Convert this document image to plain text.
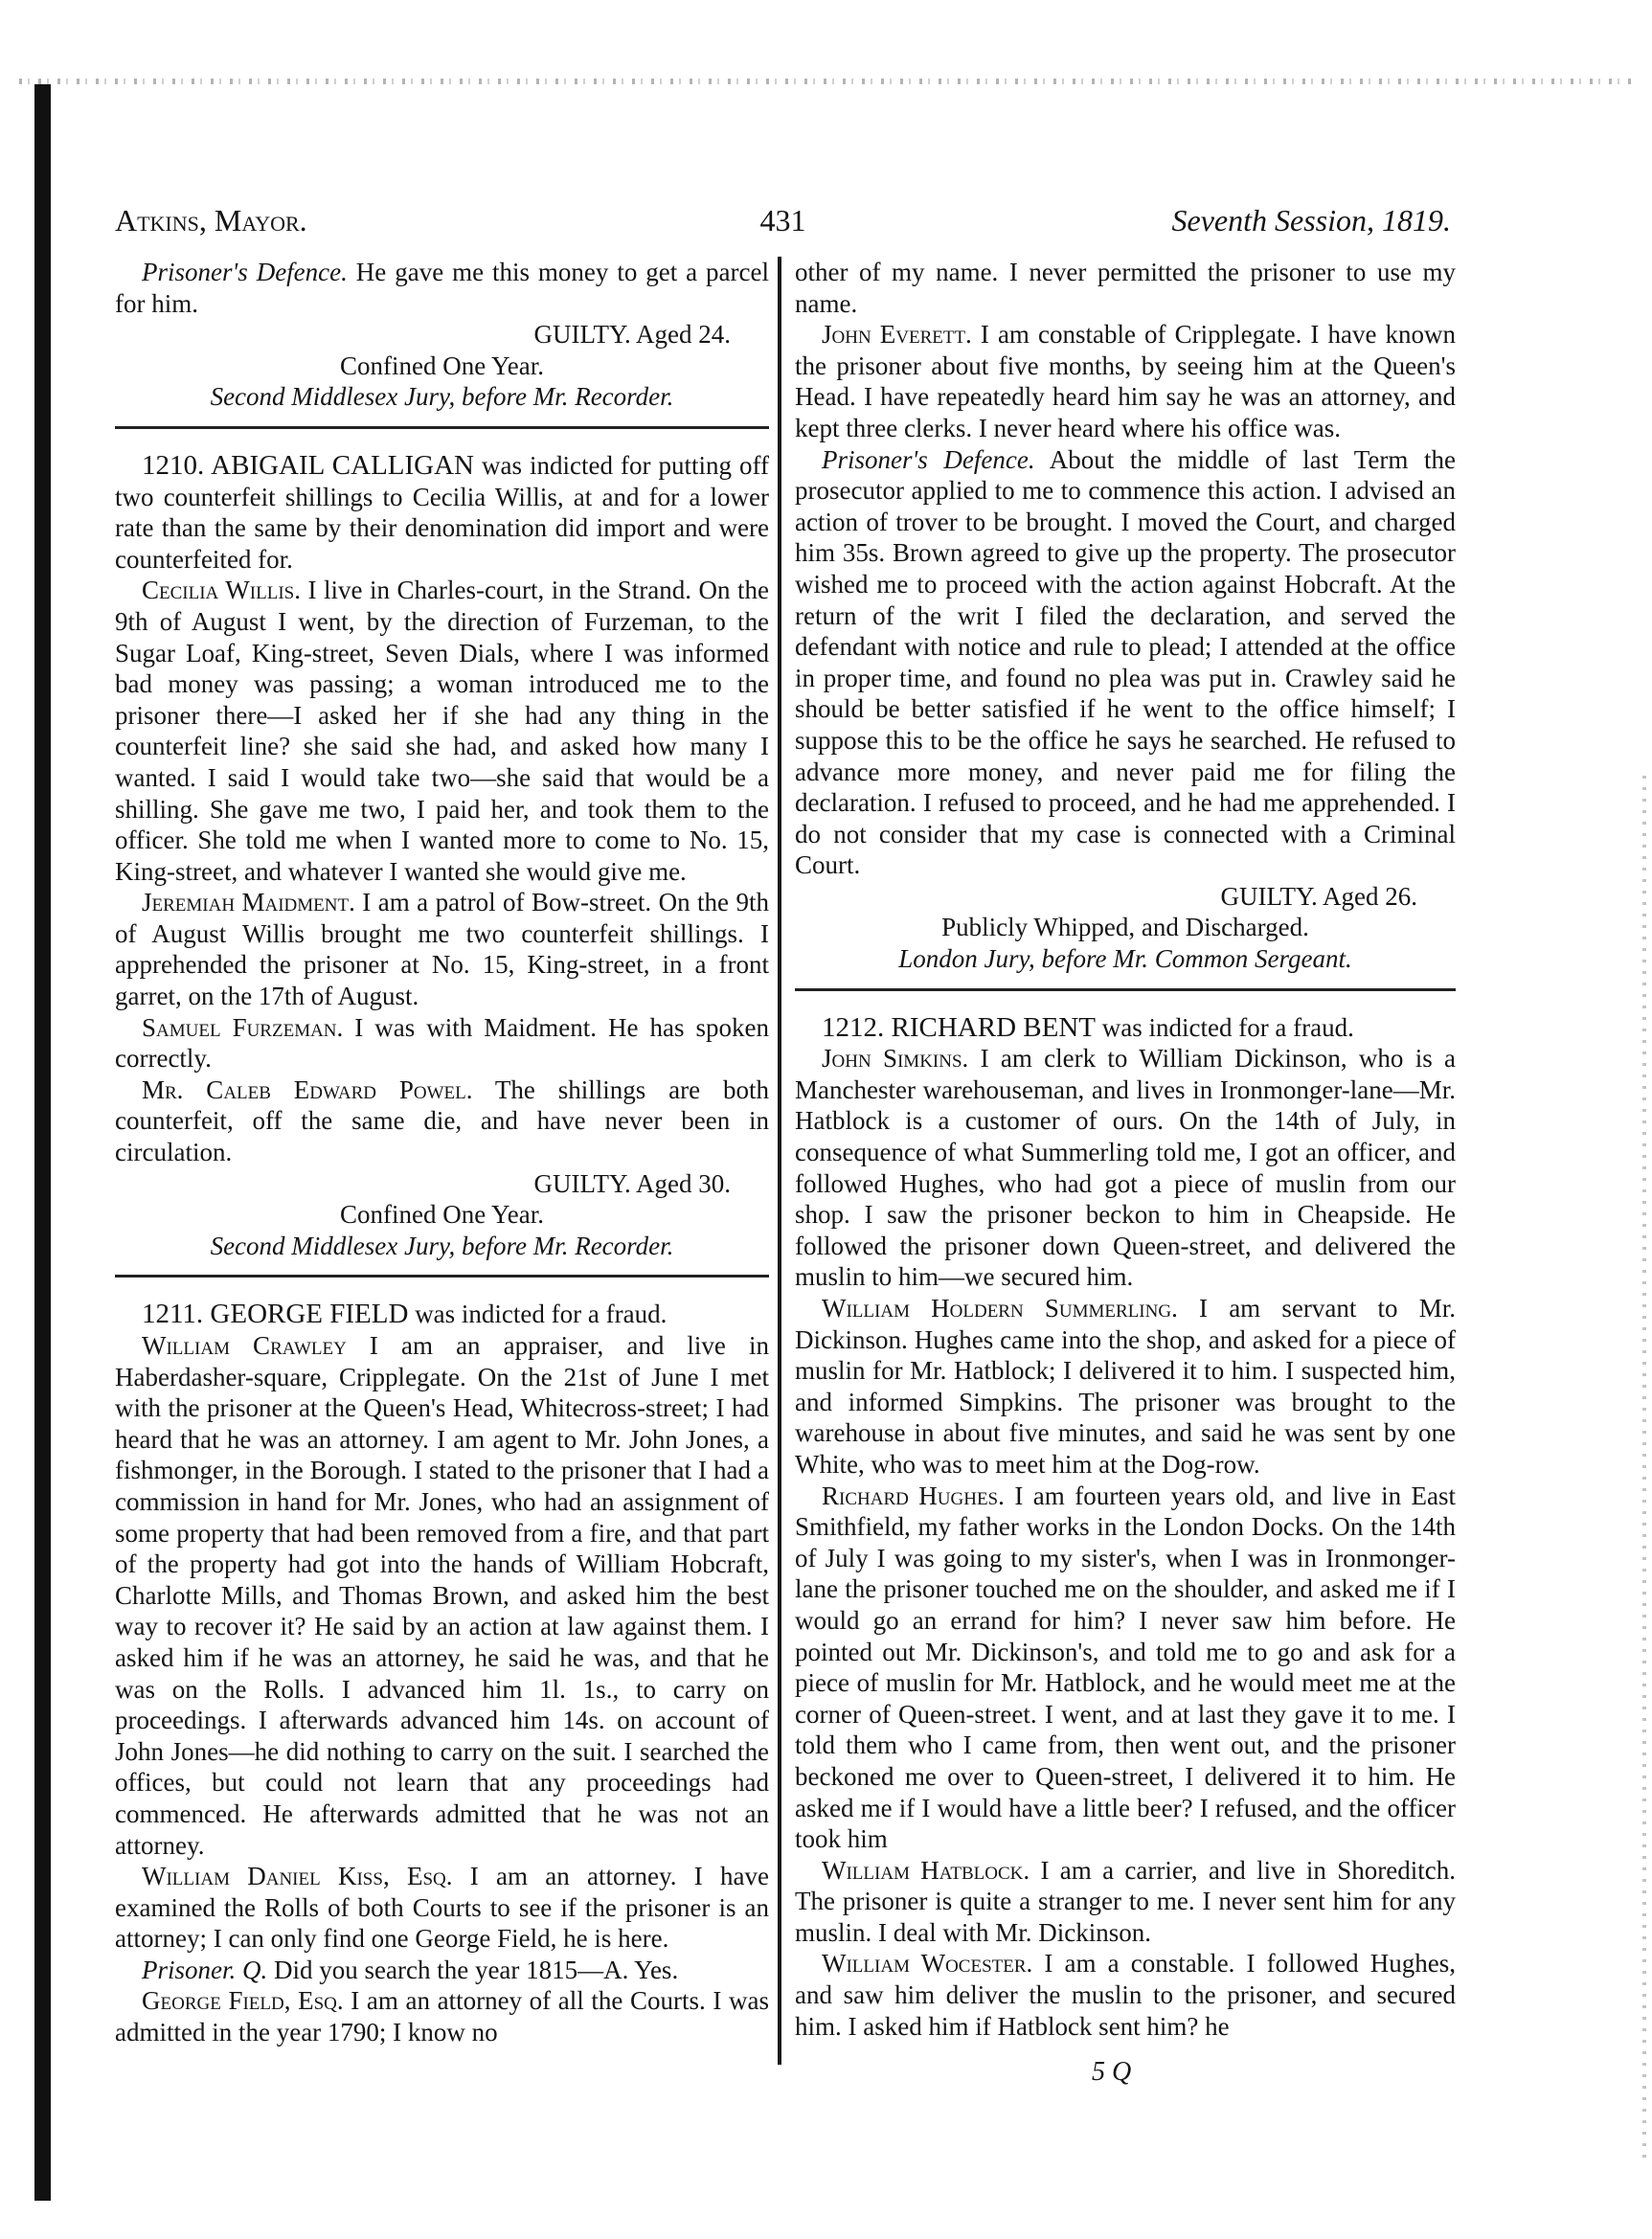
Atkins, Mayor.	431	Seventh Session, 1819.

Prisoner's Defence. He gave me this money to get a parcel for him.

GUILTY. Aged 24.

Confined One Year.

Second Middlesex Jury, before Mr. Recorder.

1210. ABIGAIL CALLIGAN was indicted for putting off two counterfeit shillings to Cecilia Willis, at and for a lower rate than the same by their denomination did import and were counterfeited for.

Cecilia Willis. I live in Charles-court, in the Strand. On the 9th of August I went, by the direction of Furzeman, to the Sugar Loaf, King-street, Seven Dials, where I was informed bad money was passing; a woman introduced me to the prisoner there—I asked her if she had any thing in the counterfeit line? she said she had, and asked how many I wanted. I said I would take two—she said that would be a shilling. She gave me two, I paid her, and took them to the officer. She told me when I wanted more to come to No. 15, King-street, and whatever I wanted she would give me.

Jeremiah Maidment. I am a patrol of Bow-street. On the 9th of August Willis brought me two counterfeit shillings. I apprehended the prisoner at No. 15, King-street, in a front garret, on the 17th of August.

Samuel Furzeman. I was with Maidment. He has spoken correctly.

Mr. Caleb Edward Powel. The shillings are both counterfeit, off the same die, and have never been in circulation.

GUILTY. Aged 30.

Confined One Year.

Second Middlesex Jury, before Mr. Recorder.

1211. GEORGE FIELD was indicted for a fraud.

William Crawley I am an appraiser, and live in Haberdasher-square, Cripplegate. On the 21st of June I met with the prisoner at the Queen's Head, Whitecross-street; I had heard that he was an attorney. I am agent to Mr. John Jones, a fishmonger, in the Borough. I stated to the prisoner that I had a commission in hand for Mr. Jones, who had an assignment of some property that had been removed from a fire, and that part of the property had got into the hands of William Hobcraft, Charlotte Mills, and Thomas Brown, and asked him the best way to recover it? He said by an action at law against them. I asked him if he was an attorney, he said he was, and that he was on the Rolls. I advanced him 1l. 1s., to carry on proceedings. I afterwards advanced him 14s. on account of John Jones—he did nothing to carry on the suit. I searched the offices, but could not learn that any proceedings had commenced. He afterwards admitted that he was not an attorney.

William Daniel Kiss, Esq. I am an attorney. I have examined the Rolls of both Courts to see if the prisoner is an attorney; I can only find one George Field, he is here.

Prisoner. Q. Did you search the year 1815—A. Yes.

George Field, Esq. I am an attorney of all the Courts. I was admitted in the year 1790; I know no

other of my name. I never permitted the prisoner to use my name.

John Everett. I am constable of Cripplegate. I have known the prisoner about five months, by seeing him at the Queen's Head. I have repeatedly heard him say he was an attorney, and kept three clerks. I never heard where his office was.

Prisoner's Defence. About the middle of last Term the prosecutor applied to me to commence this action. I advised an action of trover to be brought. I moved the Court, and charged him 35s. Brown agreed to give up the property. The prosecutor wished me to proceed with the action against Hobcraft. At the return of the writ I filed the declaration, and served the defendant with notice and rule to plead; I attended at the office in proper time, and found no plea was put in. Crawley said he should be better satisfied if he went to the office himself; I suppose this to be the office he says he searched. He refused to advance more money, and never paid me for filing the declaration. I refused to proceed, and he had me apprehended. I do not consider that my case is connected with a Criminal Court.

GUILTY. Aged 26.

Publicly Whipped, and Discharged.

London Jury, before Mr. Common Sergeant.

1212. RICHARD BENT was indicted for a fraud.

John Simkins. I am clerk to William Dickinson, who is a Manchester warehouseman, and lives in Ironmonger-lane—Mr. Hatblock is a customer of ours. On the 14th of July, in consequence of what Summerling told me, I got an officer, and followed Hughes, who had got a piece of muslin from our shop. I saw the prisoner beckon to him in Cheapside. He followed the prisoner down Queen-street, and delivered the muslin to him—we secured him.

William Holdern Summerling. I am servant to Mr. Dickinson. Hughes came into the shop, and asked for a piece of muslin for Mr. Hatblock; I delivered it to him. I suspected him, and informed Simpkins. The prisoner was brought to the warehouse in about five minutes, and said he was sent by one White, who was to meet him at the Dog-row.

Richard Hughes. I am fourteen years old, and live in East Smithfield, my father works in the London Docks. On the 14th of July I was going to my sister's, when I was in Ironmonger-lane the prisoner touched me on the shoulder, and asked me if I would go an errand for him? I never saw him before. He pointed out Mr. Dickinson's, and told me to go and ask for a piece of muslin for Mr. Hatblock, and he would meet me at the corner of Queen-street. I went, and at last they gave it to me. I told them who I came from, then went out, and the prisoner beckoned me over to Queen-street, I delivered it to him. He asked me if I would have a little beer? I refused, and the officer took him

William Hatblock. I am a carrier, and live in Shoreditch. The prisoner is quite a stranger to me. I never sent him for any muslin. I deal with Mr. Dickinson.

William Wocester. I am a constable. I followed Hughes, and saw him deliver the muslin to the prisoner, and secured him. I asked him if Hatblock sent him? he

5 Q
